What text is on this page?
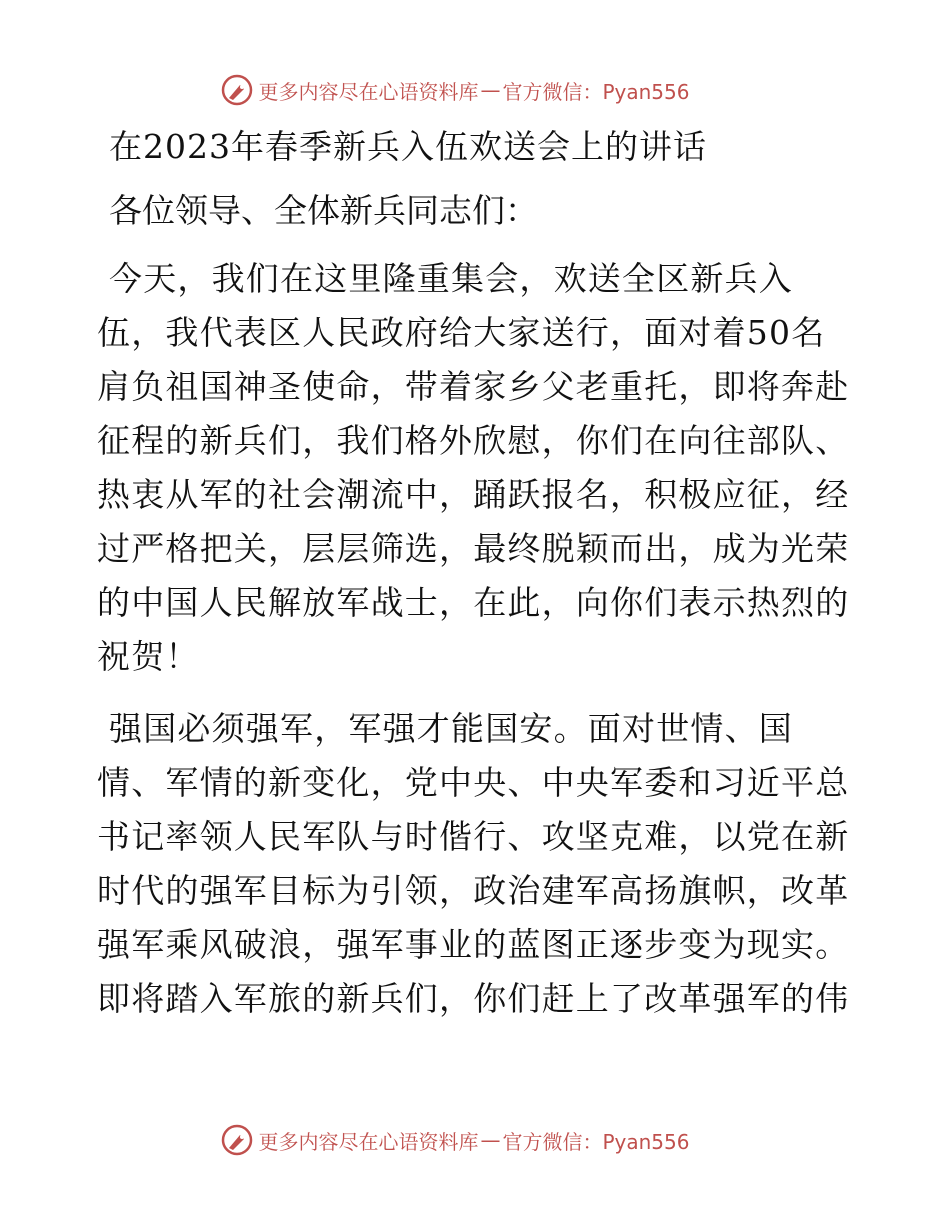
更多内容尽在心语资料库 — 官方微信：Pyan556
在2023年春季新兵入伍欢送会上的讲话
各位领导、全体新兵同志们：
今天，我们在这里隆重集会，欢送全区新兵入
伍，我代表区人民政府给大家送行，面对着50名
肩负祖国神圣使命，带着家乡父老重托，即将奔赴
征程的新兵们，我们格外欣慰，你们在向往部队、
热衷从军的社会潮流中，踊跃报名，积极应征，经
过严格把关，层层筛选，最终脱颖而出，成为光荣
的中国人民解放军战士，在此，向你们表示热烈的
祝贺！
强国必须强军，军强才能国安。面对世情、国
情、军情的新变化，党中央、中央军委和习近平总
书记率领人民军队与时偕行、攻坚克难，以党在新
时代的强军目标为引领，政治建军高扬旗帜，改革
强军乘风破浪，强军事业的蓝图正逐步变为现实。
即将踏入军旅的新兵们，你们赶上了改革强军的伟
更多内容尽在心语资料库 — 官方微信：Pyan556
